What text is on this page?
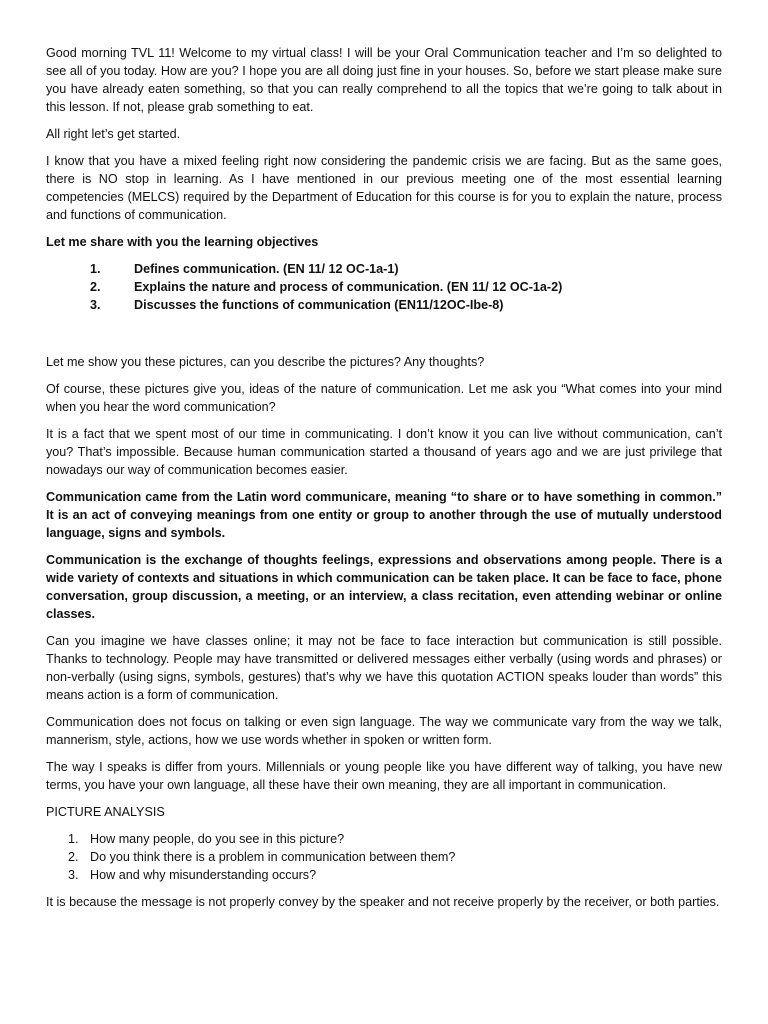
Good morning TVL 11! Welcome to my virtual class! I will be your Oral Communication teacher and I’m so delighted to see all of you today. How are you? I hope you are all doing just fine in your houses. So, before we start please make sure you have already eaten something, so that you can really comprehend to all the topics that we’re going to talk about in this lesson. If not, please grab something to eat.

All right let’s get started.

I know that you have a mixed feeling right now considering the pandemic crisis we are facing. But as the same goes, there is NO stop in learning. As I have mentioned in our previous meeting one of the most essential learning competencies (MELCS) required by the Department of Education for this course is for you to explain the nature, process and functions of communication.

Let me share with you the learning objectives

1.	Defines communication. (EN 11/ 12 OC-1a-1)
2.	Explains the nature and process of communication. (EN 11/ 12 OC-1a-2)
3.	Discusses the functions of communication (EN11/12OC-Ibe-8)

Let me show you these pictures, can you describe the pictures? Any thoughts?

Of course, these pictures give you, ideas of the nature of communication. Let me ask you “What comes into your mind when you hear the word communication?

It is a fact that we spent most of our time in communicating. I don’t know it you can live without communication, can’t you? That’s impossible. Because human communication started a thousand of years ago and we are just privilege that nowadays our way of communication becomes easier.

Communication came from the Latin word communicare, meaning “to share or to have something in common.” It is an act of conveying meanings from one entity or group to another through the use of mutually understood language, signs and symbols.

Communication is the exchange of thoughts feelings, expressions and observations among people. There is a wide variety of contexts and situations in which communication can be taken place. It can be face to face, phone conversation, group discussion, a meeting, or an interview, a class recitation, even attending webinar or online classes.

Can you imagine we have classes online; it may not be face to face interaction but communication is still possible. Thanks to technology. People may have transmitted or delivered messages either verbally (using words and phrases) or non-verbally (using signs, symbols, gestures) that’s why we have this quotation ACTION speaks louder than words” this means action is a form of communication.

Communication does not focus on talking or even sign language. The way we communicate vary from the way we talk, mannerism, style, actions, how we use words whether in spoken or written form.

The way I speaks is differ from yours. Millennials or young people like you have different way of talking, you have new terms, you have your own language, all these have their own meaning, they are all important in communication.

PICTURE ANALYSIS

1. How many people, do you see in this picture?
2. Do you think there is a problem in communication between them?
3. How and why misunderstanding occurs?

It is because the message is not properly convey by the speaker and not receive properly by the receiver, or both parties.
